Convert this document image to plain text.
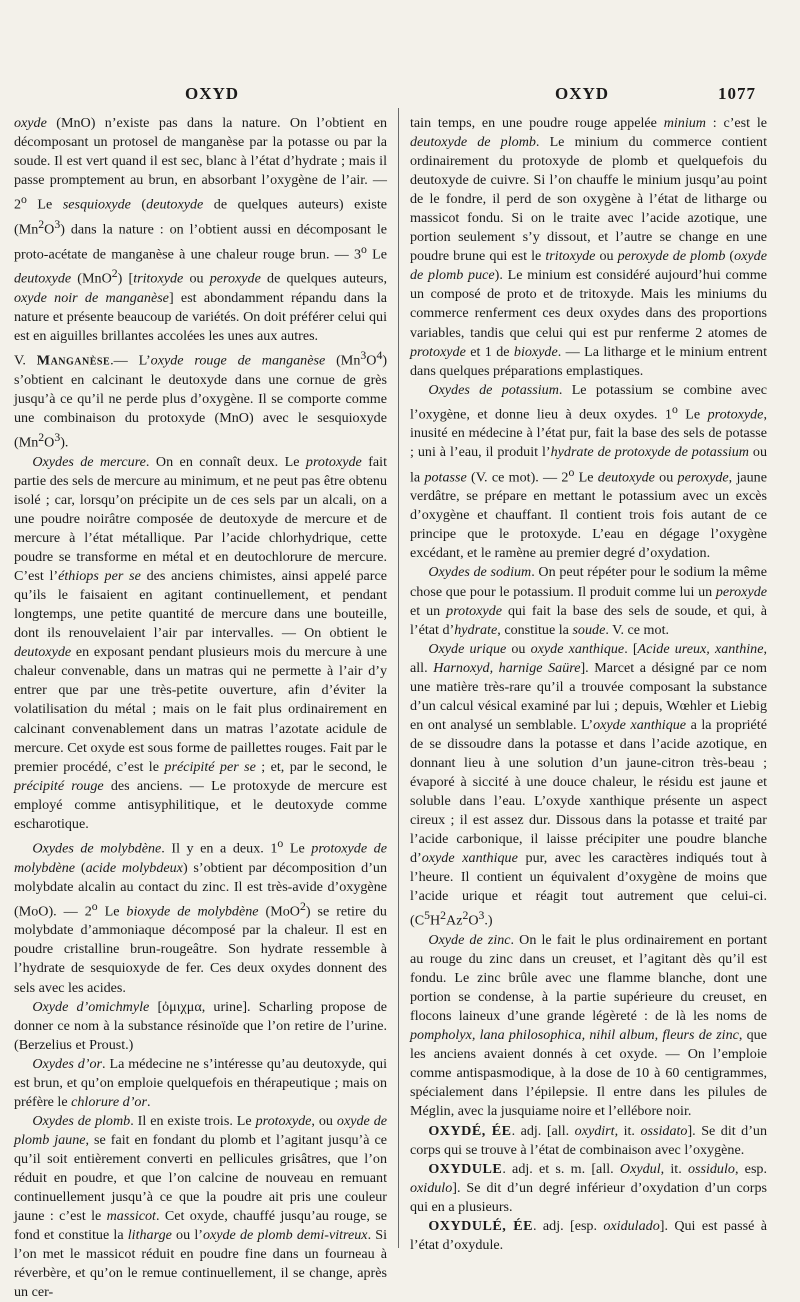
OXYD	OXYD	1077

oxyde (MnO) n’existe pas dans la nature. On l’obtient en décomposant un protosel de manganèse par la potasse ou par la soude. Il est vert quand il est sec, blanc à l’état d’hydrate ; mais il passe promptement au brun, en absorbant l’oxygène de l’air. — 2$^o$ Le sesquioxyde (deutoxyde de quelques auteurs) existe $(Mn^2O^3)$ dans la nature : on l’obtient aussi en décomposant le proto-acétate de manganèse à une chaleur rouge brun. — 3$^o$ Le deutoxyde (MnO$^2$) [tritoxyde ou peroxyde de quelques auteurs, oxyde noir de manganèse] est abondamment répandu dans la nature et présente beaucoup de variétés. On doit préférer celui qui est en aiguilles brillantes accolées les unes aux autres.

V. Manganèse.— L’oxyde rouge de manganèse $(Mn^3O^4)$ s’obtient en calcinant le deutoxyde dans une cornue de grès jusqu’à ce qu’il ne perde plus d’oxygène. Il se comporte comme une combinaison du protoxyde (MnO) avec le sesquioxyde $(Mn^2O^3)$.

Oxydes de mercure. On en connaît deux. Le protoxyde fait partie des sels de mercure au minimum, et ne peut pas être obtenu isolé ; car, lorsqu’on précipite un de ces sels par un alcali, on a une poudre noirâtre composée de deutoxyde de mercure et de mercure à l’état métallique. Par l’acide chlorhydrique, cette poudre se transforme en métal et en deutochlorure de mercure. C’est l’éthiops per se des anciens chimistes, ainsi appelé parce qu’ils le faisaient en agitant continuellement, et pendant longtemps, une petite quantité de mercure dans une bouteille, dont ils renouvelaient l’air par intervalles. — On obtient le deutoxyde en exposant pendant plusieurs mois du mercure à une chaleur convenable, dans un matras qui ne permette à l’air d’y entrer que par une très-petite ouverture, afin d’éviter la volatilisation du métal ; mais on le fait plus ordinairement en calcinant convenablement dans un matras l’azotate acidule de mercure. Cet oxyde est sous forme de paillettes rouges. Fait par le premier procédé, c’est le précipité per se ; et, par le second, le précipité rouge des anciens. — Le protoxyde de mercure est employé comme antisyphilitique, et le deutoxyde comme escharotique.

Oxydes de molybdène. Il y en a deux. 1$^o$ Le protoxyde de molybdène (acide molybdeux) s’obtient par décomposition d’un molybdate alcalin au contact du zinc. Il est très-avide d’oxygène (MoO). — 2$^o$ Le bioxyde de molybdène (MoO$^2$) se retire du molybdate d’ammoniaque décomposé par la chaleur. Il est en poudre cristalline brun-rougeâtre. Son hydrate ressemble à l’hydrate de sesquioxyde de fer. Ces deux oxydes donnent des sels avec les acides.

Oxyde d’omichmyle [ὀμιχμα, urine]. Scharling propose de donner ce nom à la substance résinoïde que l’on retire de l’urine. (Berzelius et Proust.)

Oxydes d’or. La médecine ne s’intéresse qu’au deutoxyde, qui est brun, et qu’on emploie quelquefois en thérapeutique ; mais on préfère le chlorure d’or.

Oxydes de plomb. Il en existe trois. Le protoxyde, ou oxyde de plomb jaune, se fait en fondant du plomb et l’agitant jusqu’à ce qu’il soit entièrement converti en pellicules grisâtres, que l’on réduit en poudre, et que l’on calcine de nouveau en remuant continuellement jusqu’à ce que la poudre ait pris une couleur jaune : c’est le massicot. Cet oxyde, chauffé jusqu’au rouge, se fond et constitue la litharge ou l’oxyde de plomb demi-vitreux. Si l’on met le massicot réduit en poudre fine dans un fourneau à réverbère, et qu’on le remue continuellement, il se change, après un cer-

tain temps, en une poudre rouge appelée minium : c’est le deutoxyde de plomb. Le minium du commerce contient ordinairement du protoxyde de plomb et quelquefois du deutoxyde de cuivre. Si l’on chauffe le minium jusqu’au point de le fondre, il perd de son oxygène à l’état de litharge ou massicot fondu. Si on le traite avec l’acide azotique, une portion seulement s’y dissout, et l’autre se change en une poudre brune qui est le tritoxyde ou peroxyde de plomb (oxyde de plomb puce). Le minium est considéré aujourd’hui comme un composé de proto et de tritoxyde. Mais les miniums du commerce renferment ces deux oxydes dans des proportions variables, tandis que celui qui est pur renferme 2 atomes de protoxyde et 1 de bioxyde. — La litharge et le minium entrent dans quelques préparations emplastiques.

Oxydes de potassium. Le potassium se combine avec l’oxygène, et donne lieu à deux oxydes. 1$^o$ Le protoxyde, inusité en médecine à l’état pur, fait la base des sels de potasse ; uni à l’eau, il produit l’hydrate de protoxyde de potassium ou la potasse (V. ce mot). — 2$^o$ Le deutoxyde ou peroxyde, jaune verdâtre, se prépare en mettant le potassium avec un excès d’oxygène et chauffant. Il contient trois fois autant de ce principe que le protoxyde. L’eau en dégage l’oxygène excédant, et le ramène au premier degré d’oxydation.

Oxydes de sodium. On peut répéter pour le sodium la même chose que pour le potassium. Il produit comme lui un peroxyde et un protoxyde qui fait la base des sels de soude, et qui, à l’état d’hydrate, constitue la soude. V. ce mot.

Oxyde urique ou oxyde xanthique. [Acide ureux, xanthine, all. Harnoxyd, harnige Saüre]. Marcet a désigné par ce nom une matière très-rare qu’il a trouvée composant la substance d’un calcul vésical examiné par lui ; depuis, Wœhler et Liebig en ont analysé un semblable. L’oxyde xanthique a la propriété de se dissoudre dans la potasse et dans l’acide azotique, en donnant lieu à une solution d’un jaune-citron très-beau ; évaporé à siccité à une douce chaleur, le résidu est jaune et soluble dans l’eau. L’oxyde xanthique présente un aspect cireux ; il est assez dur. Dissous dans la potasse et traité par l’acide carbonique, il laisse précipiter une poudre blanche d’oxyde xanthique pur, avec les caractères indiqués tout à l’heure. Il contient un équivalent d’oxygène de moins que l’acide urique et réagit tout autrement que celui-ci. $(C^5H^2Az^2O^3.)$

Oxyde de zinc. On le fait le plus ordinairement en portant au rouge du zinc dans un creuset, et l’agitant dès qu’il est fondu. Le zinc brûle avec une flamme blanche, dont une portion se condense, à la partie supérieure du creuset, en flocons laineux d’une grande légèreté : de là les noms de pompholyx, lana philosophica, nihil album, fleurs de zinc, que les anciens avaient donnés à cet oxyde. — On l’emploie comme antispasmodique, à la dose de 10 à 60 centigrammes, spécialement dans l’épilepsie. Il entre dans les pilules de Méglin, avec la jusquiame noire et l’ellébore noir.

OXYDÉ, ÉE. adj. [all. oxydirt, it. ossidato]. Se dit d’un corps qui se trouve à l’état de combinaison avec l’oxygène.

OXYDULE. adj. et s. m. [all. Oxydul, it. ossidulo, esp. oxidulo]. Se dit d’un degré inférieur d’oxydation d’un corps qui en a plusieurs.

OXYDULÉ, ÉE. adj. [esp. oxidulado]. Qui est passé à l’état d’oxydule.
